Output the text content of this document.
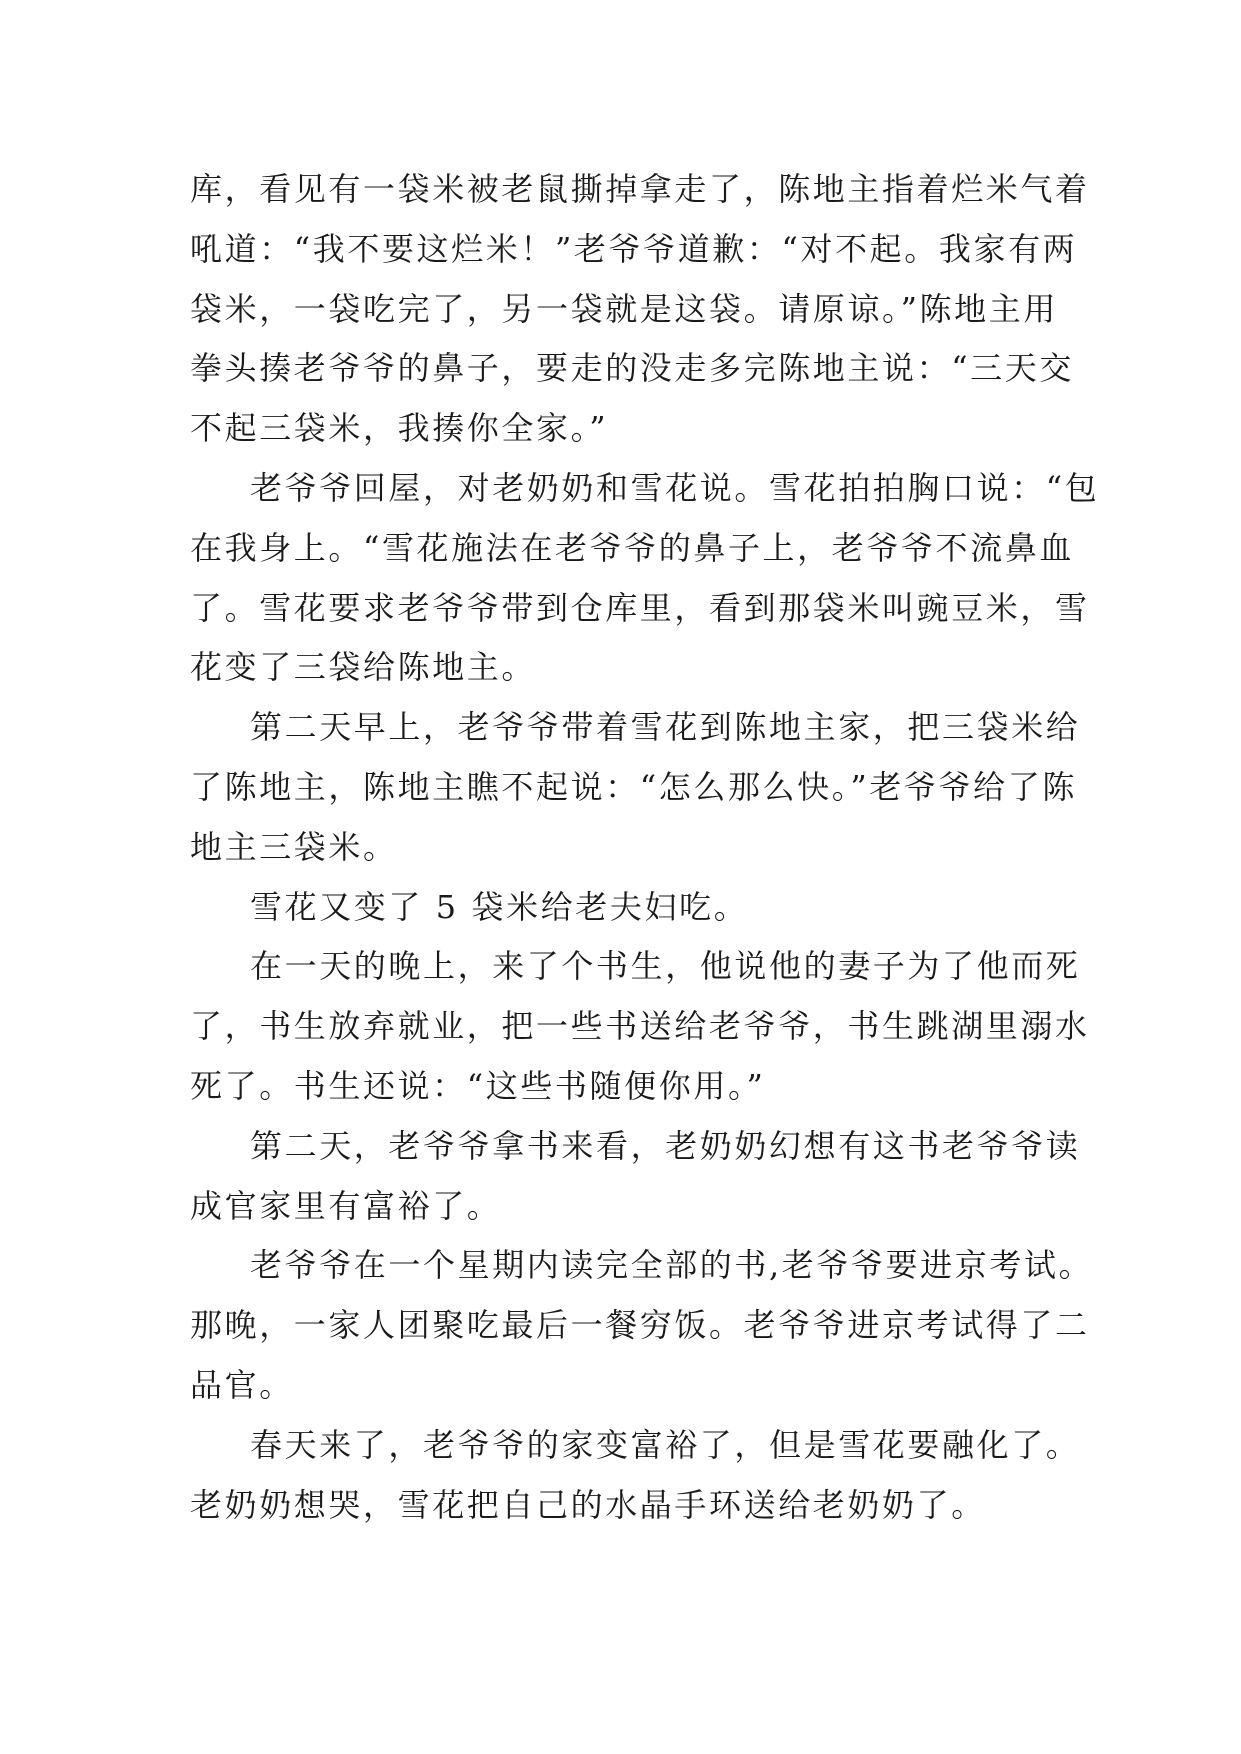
库，看见有一袋米被老鼠撕掉拿走了，陈地主指着烂米气着
吼道：“我不要这烂米！”老爷爷道歉：“对不起。我家有两
袋米，一袋吃完了，另一袋就是这袋。请原谅。”陈地主用
拳头揍老爷爷的鼻子，要走的没走多完陈地主说：“三天交
不起三袋米，我揍你全家。”
老爷爷回屋，对老奶奶和雪花说。雪花拍拍胸口说：“包
在我身上。“雪花施法在老爷爷的鼻子上，老爷爷不流鼻血
了。雪花要求老爷爷带到仓库里，看到那袋米叫豌豆米，雪
花变了三袋给陈地主。
第二天早上，老爷爷带着雪花到陈地主家，把三袋米给
了陈地主，陈地主瞧不起说：“怎么那么快。”老爷爷给了陈
地主三袋米。
雪花又变了 5 袋米给老夫妇吃。
在一天的晚上，来了个书生，他说他的妻子为了他而死
了，书生放弃就业，把一些书送给老爷爷，书生跳湖里溺水
死了。书生还说：“这些书随便你用。”
第二天，老爷爷拿书来看，老奶奶幻想有这书老爷爷读
成官家里有富裕了。
老爷爷在一个星期内读完全部的书,老爷爷要进京考试。
那晚，一家人团聚吃最后一餐穷饭。老爷爷进京考试得了二
品官。
春天来了，老爷爷的家变富裕了，但是雪花要融化了。
老奶奶想哭，雪花把自己的水晶手环送给老奶奶了。
